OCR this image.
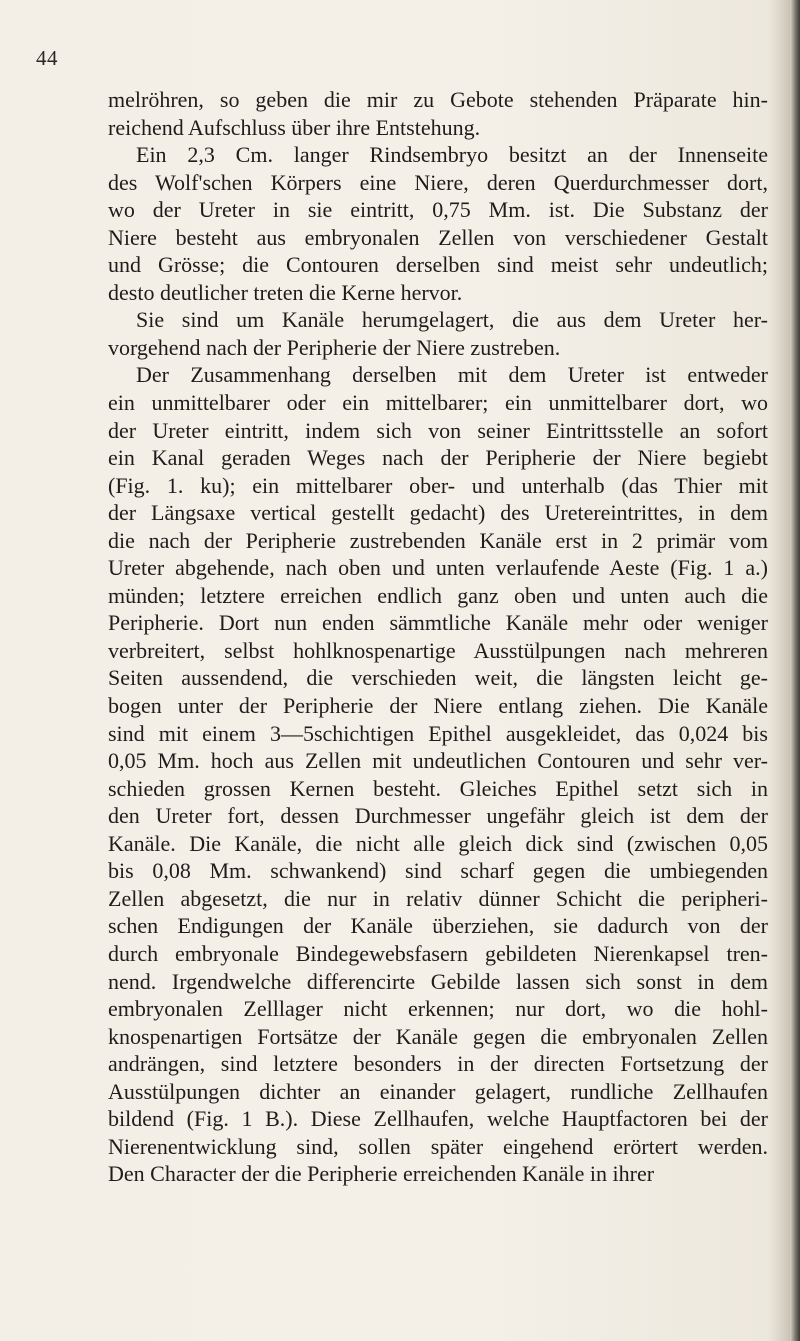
44
melröhren, so geben die mir zu Gebote stehenden Präparate hin-
reichend Aufschluss über ihre Entstehung.
Ein 2,3 Cm. langer Rindsembryo besitzt an der Innenseite
des Wolf'schen Körpers eine Niere, deren Querdurchmesser dort,
wo der Ureter in sie eintritt, 0,75 Mm. ist. Die Substanz der
Niere besteht aus embryonalen Zellen von verschiedener Gestalt
und Grösse; die Contouren derselben sind meist sehr undeutlich;
desto deutlicher treten die Kerne hervor.
Sie sind um Kanäle herumgelagert, die aus dem Ureter her-
vorgehend nach der Peripherie der Niere zustreben.
Der Zusammenhang derselben mit dem Ureter ist entweder
ein unmittelbarer oder ein mittelbarer; ein unmittelbarer dort, wo
der Ureter eintritt, indem sich von seiner Eintrittsstelle an sofort
ein Kanal geraden Weges nach der Peripherie der Niere begiebt
(Fig. 1. ku); ein mittelbarer ober- und unterhalb (das Thier mit
der Längsaxe vertical gestellt gedacht) des Uretereintrittes, in dem
die nach der Peripherie zustrebenden Kanäle erst in 2 primär vom
Ureter abgehende, nach oben und unten verlaufende Aeste (Fig. 1 a.)
münden; letztere erreichen endlich ganz oben und unten auch die
Peripherie. Dort nun enden sämmtliche Kanäle mehr oder weniger
verbreitert, selbst hohlknospenartige Ausstülpungen nach mehreren
Seiten aussendend, die verschieden weit, die längsten leicht ge-
bogen unter der Peripherie der Niere entlang ziehen. Die Kanäle
sind mit einem 3—5schichtigen Epithel ausgekleidet, das 0,024 bis
0,05 Mm. hoch aus Zellen mit undeutlichen Contouren und sehr ver-
schieden grossen Kernen besteht. Gleiches Epithel setzt sich in
den Ureter fort, dessen Durchmesser ungefähr gleich ist dem der
Kanäle. Die Kanäle, die nicht alle gleich dick sind (zwischen 0,05
bis 0,08 Mm. schwankend) sind scharf gegen die umbiegenden
Zellen abgesetzt, die nur in relativ dünner Schicht die peripheri-
schen Endigungen der Kanäle überziehen, sie dadurch von der
durch embryonale Bindegewebsfasern gebildeten Nierenkapsel tren-
nend. Irgendwelche differencirte Gebilde lassen sich sonst in dem
embryonalen Zelllager nicht erkennen; nur dort, wo die hohl-
knospenartigen Fortsätze der Kanäle gegen die embryonalen Zellen
andrängen, sind letztere besonders in der directen Fortsetzung der
Ausstülpungen dichter an einander gelagert, rundliche Zellhaufen
bildend (Fig. 1 B.). Diese Zellhaufen, welche Hauptfactoren bei der
Nierenentwicklung sind, sollen später eingehend erörtert werden.
Den Character der die Peripherie erreichenden Kanäle in ihrer
